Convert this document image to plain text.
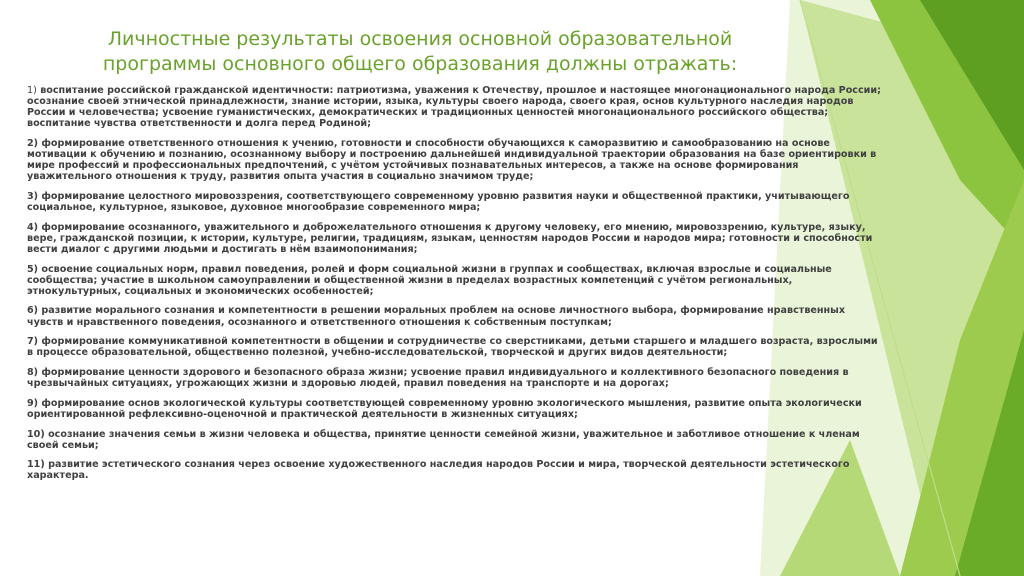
Личностные результаты освоения основной образовательной
программы основного общего образования должны отражать:

1) воспитание российской гражданской идентичности: патриотизма, уважения к Отечеству, прошлое и настоящее многонационального народа России; осознание своей этнической принадлежности, знание истории, языка, культуры своего народа, своего края, основ культурного наследия народов России и человечества; усвоение гуманистических, демократических и традиционных ценностей многонационального российского общества; воспитание чувства ответственности и долга перед Родиной;

2) формирование ответственного отношения к учению, готовности и способности обучающихся к саморазвитию и самообразованию на основе мотивации к обучению и познанию, осознанному выбору и построению дальнейшей индивидуальной траектории образования на базе ориентировки в мире профессий и профессиональных предпочтений, с учётом устойчивых познавательных интересов, а также на основе формирования уважительного отношения к труду, развития опыта участия в социально значимом труде;

3) формирование целостного мировоззрения, соответствующего современному уровню развития науки и общественной практики, учитывающего социальное, культурное, языковое, духовное многообразие современного мира;

4) формирование осознанного, уважительного и доброжелательного отношения к другому человеку, его мнению, мировоззрению, культуре, языку, вере, гражданской позиции, к истории, культуре, религии, традициям, языкам, ценностям народов России и народов мира; готовности и способности вести диалог с другими людьми и достигать в нём взаимопонимания;

5) освоение социальных норм, правил поведения, ролей и форм социальной жизни в группах и сообществах, включая взрослые и социальные сообщества; участие в школьном самоуправлении и общественной жизни в пределах возрастных компетенций с учётом региональных, этнокультурных, социальных и экономических особенностей;

6) развитие морального сознания и компетентности в решении моральных проблем на основе личностного выбора, формирование нравственных чувств и нравственного поведения, осознанного и ответственного отношения к собственным поступкам;

7) формирование коммуникативной компетентности в общении и сотрудничестве со сверстниками, детьми старшего и младшего возраста, взрослыми в процессе образовательной, общественно полезной, учебно-исследовательской, творческой и других видов деятельности;

8) формирование ценности здорового и безопасного образа жизни; усвоение правил индивидуального и коллективного безопасного поведения в чрезвычайных ситуациях, угрожающих жизни и здоровью людей, правил поведения на транспорте и на дорогах;

9) формирование основ экологической культуры соответствующей современному уровню экологического мышления, развитие опыта экологически ориентированной рефлексивно-оценочной и практической деятельности в жизненных ситуациях;

10) осознание значения семьи в жизни человека и общества, принятие ценности семейной жизни, уважительное и заботливое отношение к членам своей семьи;

11) развитие эстетического сознания через освоение художественного наследия народов России и мира, творческой деятельности эстетического характера.
